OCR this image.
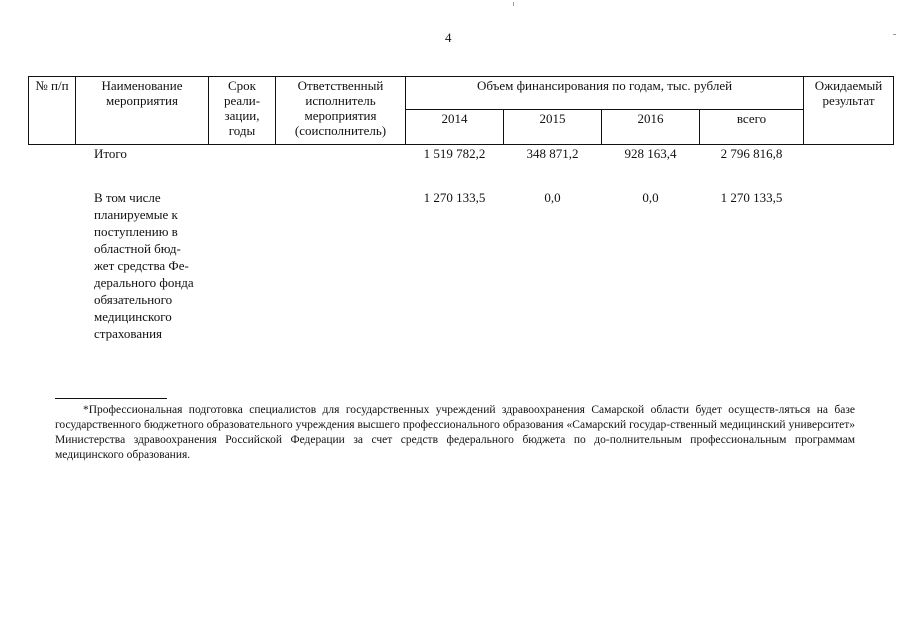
4
№ п/п	Наименование мероприятия	Срок реали-зации, годы	Ответственный исполнитель мероприятия (соисполнитель)	Объем финансирования по годам, тыс. рублей				Ожидаемый результат
				2014	2015	2016	всего	
	Итого			1 519 782,2	348 871,2	928 163,4	2 796 816,8	
	В том числе планируемые к поступлению в областной бюд-жет средства Фе-дерального фонда обязательного медицинского страхования			1 270 133,5	0,0	0,0	1 270 133,5	
*Профессиональная подготовка специалистов для государственных учреждений здравоохранения Самарской области будет осуществ-ляться на базе государственного бюджетного образовательного учреждения высшего профессионального образования «Самарский государ-ственный медицинский университет» Министерства здравоохранения Российской Федерации за счет средств федерального бюджета по до-полнительным профессиональным программам медицинского образования.
